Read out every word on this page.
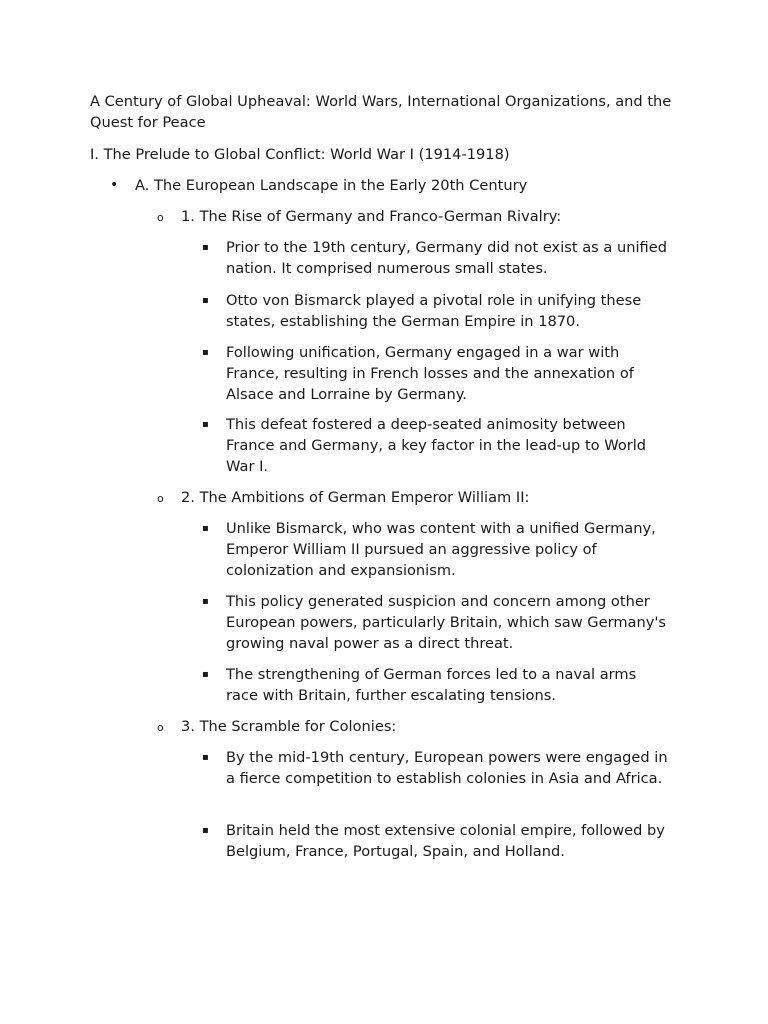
A Century of Global Upheaval: World Wars, International Organizations, and the Quest for Peace

I. The Prelude to Global Conflict: World War I (1914-1918)

•	A. The European Landscape in the Early 20th Century
o	1. The Rise of Germany and Franco-German Rivalry:
▪	Prior to the 19th century, Germany did not exist as a unified nation. It comprised numerous small states.
▪	Otto von Bismarck played a pivotal role in unifying these states, establishing the German Empire in 1870.
▪	Following unification, Germany engaged in a war with France, resulting in French losses and the annexation of Alsace and Lorraine by Germany.
▪	This defeat fostered a deep-seated animosity between France and Germany, a key factor in the lead-up to World War I.
o	2. The Ambitions of German Emperor William II:
▪	Unlike Bismarck, who was content with a unified Germany, Emperor William II pursued an aggressive policy of colonization and expansionism.
▪	This policy generated suspicion and concern among other European powers, particularly Britain, which saw Germany's growing naval power as a direct threat.
▪	The strengthening of German forces led to a naval arms race with Britain, further escalating tensions.
o	3. The Scramble for Colonies:
▪	By the mid-19th century, European powers were engaged in a fierce competition to establish colonies in Asia and Africa.
▪	Britain held the most extensive colonial empire, followed by Belgium, France, Portugal, Spain, and Holland.
